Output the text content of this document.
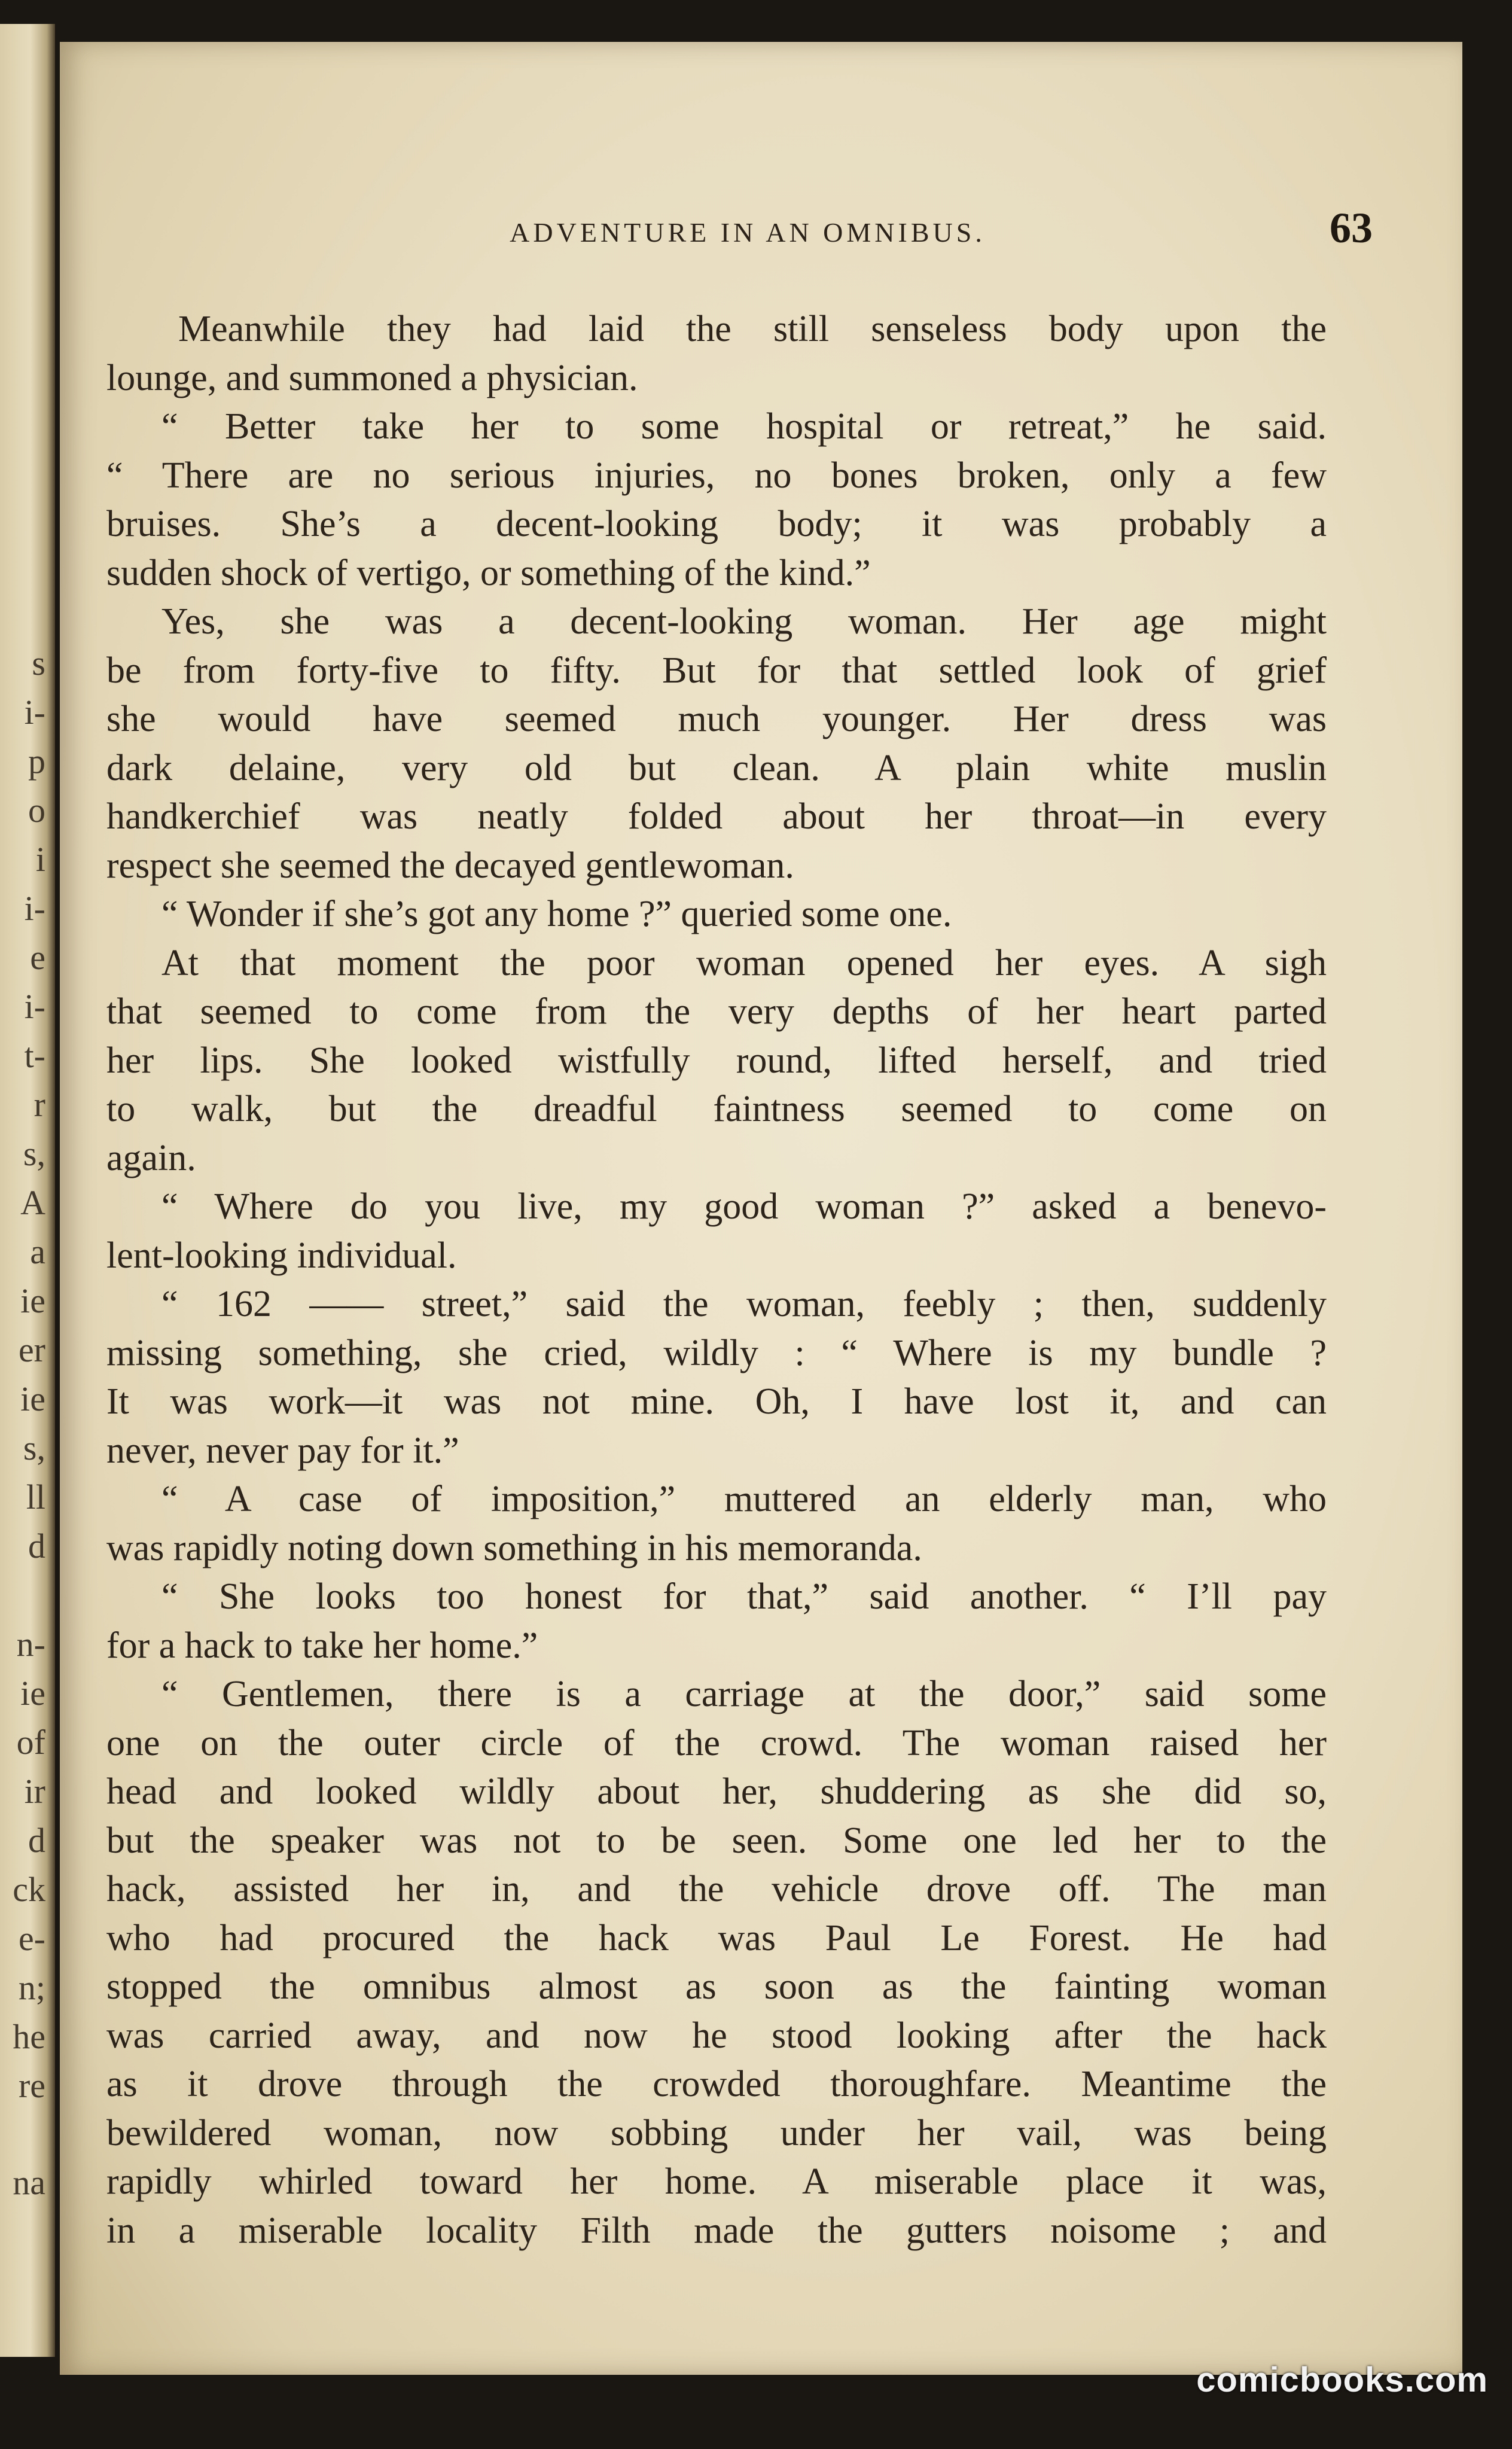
s
i-
p
o
i
i-
e
i-
t-
r
s,
A
a
ie
er
ie
s,
ll
d
n-
ie
of
ir
d
ck
e-
n;
he
re
na
ADVENTURE IN AN OMNIBUS.	63
Meanwhile they had laid the still senseless body upon the
lounge, and summoned a physician.
“ Better take her to some hospital or retreat,” he said.
“ There are no serious injuries, no bones broken, only a few
bruises. She’s a decent-looking body; it was probably a
sudden shock of vertigo, or something of the kind.”
Yes, she was a decent-looking woman. Her age might
be from forty-five to fifty. But for that settled look of grief
she would have seemed much younger. Her dress was
dark delaine, very old but clean. A plain white muslin
handkerchief was neatly folded about her throat—in every
respect she seemed the decayed gentlewoman.
“ Wonder if she’s got any home ?” queried some one.
At that moment the poor woman opened her eyes. A sigh
that seemed to come from the very depths of her heart parted
her lips. She looked wistfully round, lifted herself, and tried
to walk, but the dreadful faintness seemed to come on
again.
“ Where do you live, my good woman ?” asked a benevo-
lent-looking individual.
“ 162 —— street,” said the woman, feebly ; then, suddenly
missing something, she cried, wildly : “ Where is my bundle ?
It was work—it was not mine. Oh, I have lost it, and can
never, never pay for it.”
“ A case of imposition,” muttered an elderly man, who
was rapidly noting down something in his memoranda.
“ She looks too honest for that,” said another. “ I’ll pay
for a hack to take her home.”
“ Gentlemen, there is a carriage at the door,” said some
one on the outer circle of the crowd. The woman raised her
head and looked wildly about her, shuddering as she did so,
but the speaker was not to be seen. Some one led her to the
hack, assisted her in, and the vehicle drove off. The man
who had procured the hack was Paul Le Forest. He had
stopped the omnibus almost as soon as the fainting woman
was carried away, and now he stood looking after the hack
as it drove through the crowded thoroughfare. Meantime the
bewildered woman, now sobbing under her vail, was being
rapidly whirled toward her home. A miserable place it was,
in a miserable locality Filth made the gutters noisome ; and
comicbooks.com
